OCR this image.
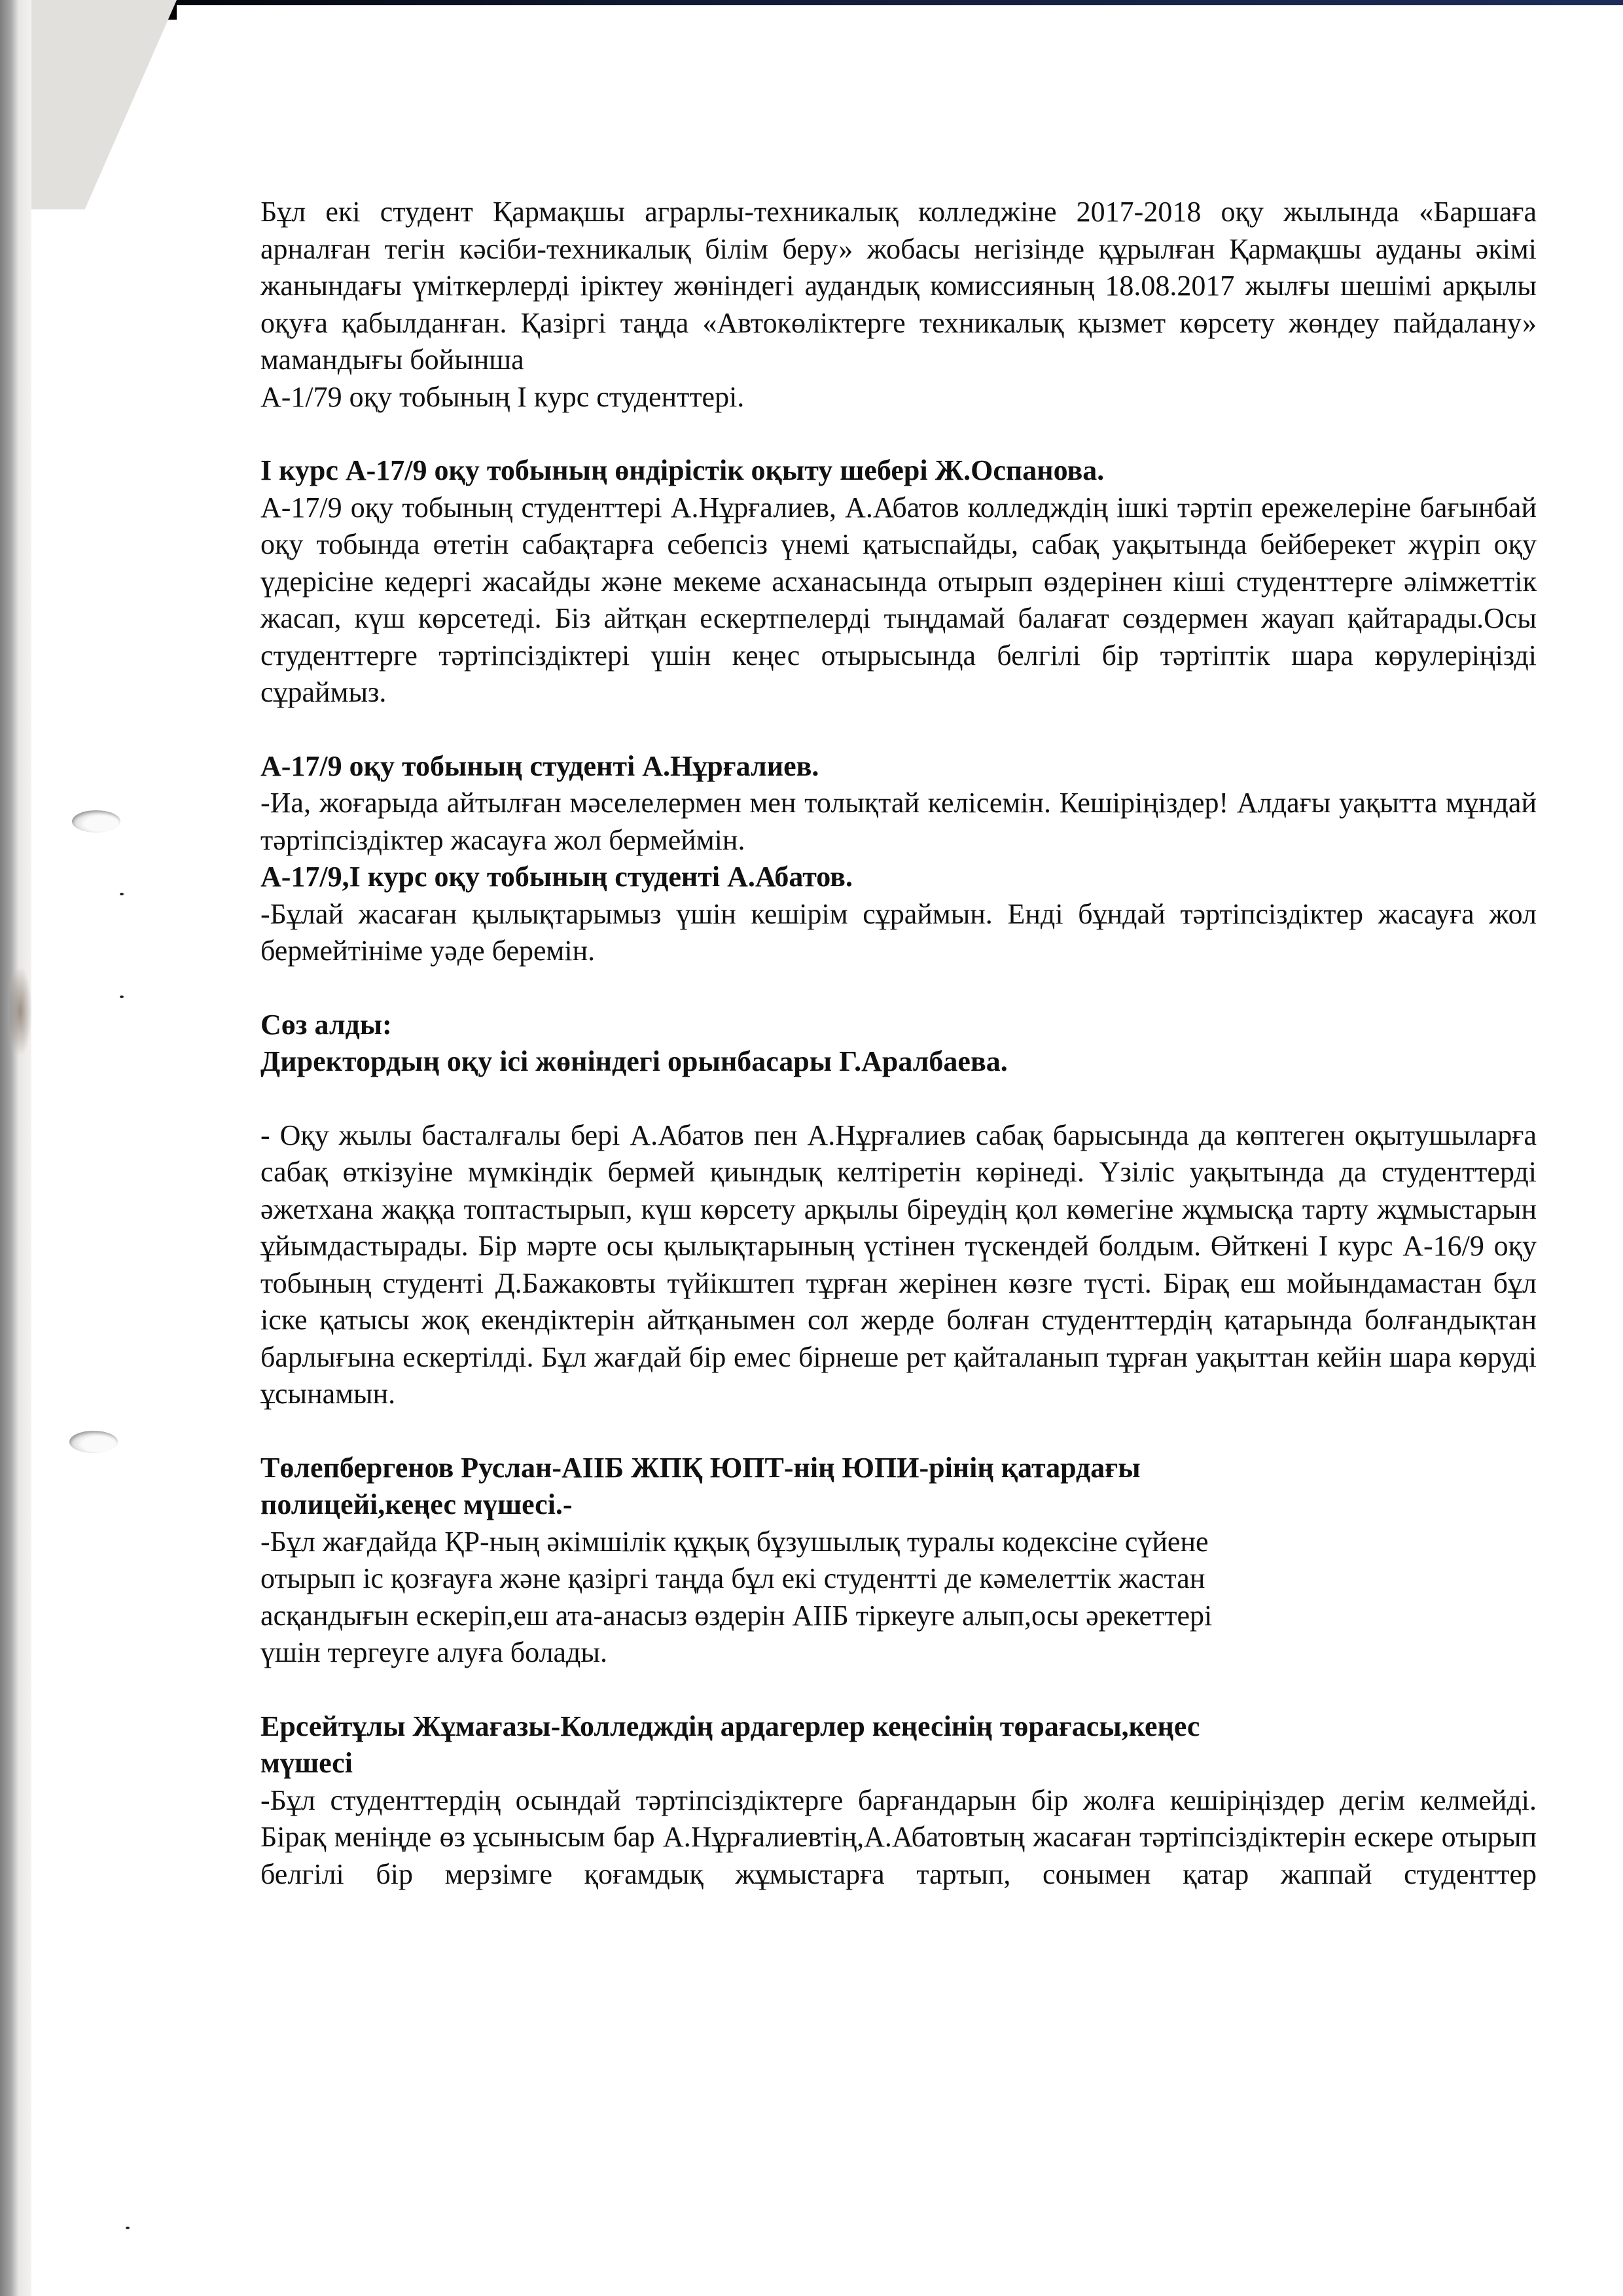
Бұл екі студент Қармақшы аграрлы-техникалық колледжіне 2017-2018 оқу жылында «Баршаға арналған тегін кәсіби-техникалық білім беру» жобасы негізінде құрылған Қармақшы ауданы әкімі жанындағы үміткерлерді іріктеу жөніндегі аудандық комиссияның 18.08.2017 жылғы шешімі арқылы оқуға қабылданған. Қазіргі таңда «Автокөліктерге техникалық қызмет көрсету жөндеу пайдалану» мамандығы бойынша

А-1/79 оқу тобының І курс студенттері.

І курс А-17/9 оқу тобының өндірістік оқыту шебері Ж.Оспанова.

А-17/9 оқу тобының студенттері А.Нұрғалиев, А.Абатов колледждің ішкі тәртіп ережелеріне бағынбай оқу тобында өтетін сабақтарға себепсіз үнемі қатыспайды, сабақ уақытында бейберекет жүріп оқу үдерісіне кедергі жасайды және мекеме асханасында отырып өздерінен кіші студенттерге әлімжеттік жасап, күш көрсетеді. Біз айтқан ескертпелерді тыңдамай балағат сөздермен жауап қайтарады.Осы студенттерге тәртіпсіздіктері үшін кеңес отырысында белгілі бір тәртіптік шара көрулеріңізді сұраймыз.

А-17/9 оқу тобының студенті А.Нұрғалиев.

-Иа, жоғарыда айтылған мәселелермен мен толықтай келісемін. Кешіріңіздер! Алдағы уақытта мұндай тәртіпсіздіктер жасауға жол бермеймін.

А-17/9,І курс оқу тобының студенті А.Абатов.

-Бұлай жасаған қылықтарымыз үшін кешірім сұраймын. Енді бұндай тәртіпсіздіктер жасауға жол бермейтініме уәде беремін.

Сөз алды:

Директордың оқу ісі жөніндегі орынбасары Г.Аралбаева.

- Оқу жылы басталғалы бері А.Абатов пен А.Нұрғалиев сабақ барысында да көптеген оқытушыларға сабақ өткізуіне мүмкіндік бермей қиындық келтіретін көрінеді. Үзіліс уақытында да студенттерді әжетхана жаққа топтастырып, күш көрсету арқылы біреудің қол көмегіне жұмысқа тарту жұмыстарын ұйымдастырады. Бір мәрте осы қылықтарының үстінен түскендей болдым. Өйткені І курс А-16/9 оқу тобының студенті Д.Бажаковты түйікштеп тұрған жерінен көзге түсті. Бірақ еш мойындамастан бұл іске қатысы жоқ екендіктерін айтқанымен сол жерде болған студенттердің қатарында болғандықтан барлығына ескертілді. Бұл жағдай бір емес бірнеше рет қайталанып тұрған уақыттан кейін шара көруді ұсынамын.

Төлепбергенов Руслан-АІІБ ЖПҚ ЮПТ-нің ЮПИ-рінің қатардағы
полицейі,кеңес мүшесі.-

-Бұл жағдайда ҚР-ның әкімшілік құқық бұзушылық туралы кодексіне сүйене
отырып іс қозғауға және қазіргі таңда бұл екі студентті де кәмелеттік жастан
асқандығын ескеріп,еш ата-анасыз өздерін АІІБ тіркеуге алып,осы әрекеттері
үшін тергеуге алуға болады.

Ерсейтұлы Жұмағазы-Колледждің ардагерлер кеңесінің төрағасы,кеңес
мүшесі

-Бұл студенттердің осындай тәртіпсіздіктерге барғандарын бір жолға кешіріңіздер дегім келмейді. Бірақ меніңде өз ұсынысым бар А.Нұрғалиевтің,А.Абатовтың жасаған тәртіпсіздіктерін ескере отырып белгілі бір мерзімге қоғамдық жұмыстарға тартып, сонымен қатар жаппай студенттер
